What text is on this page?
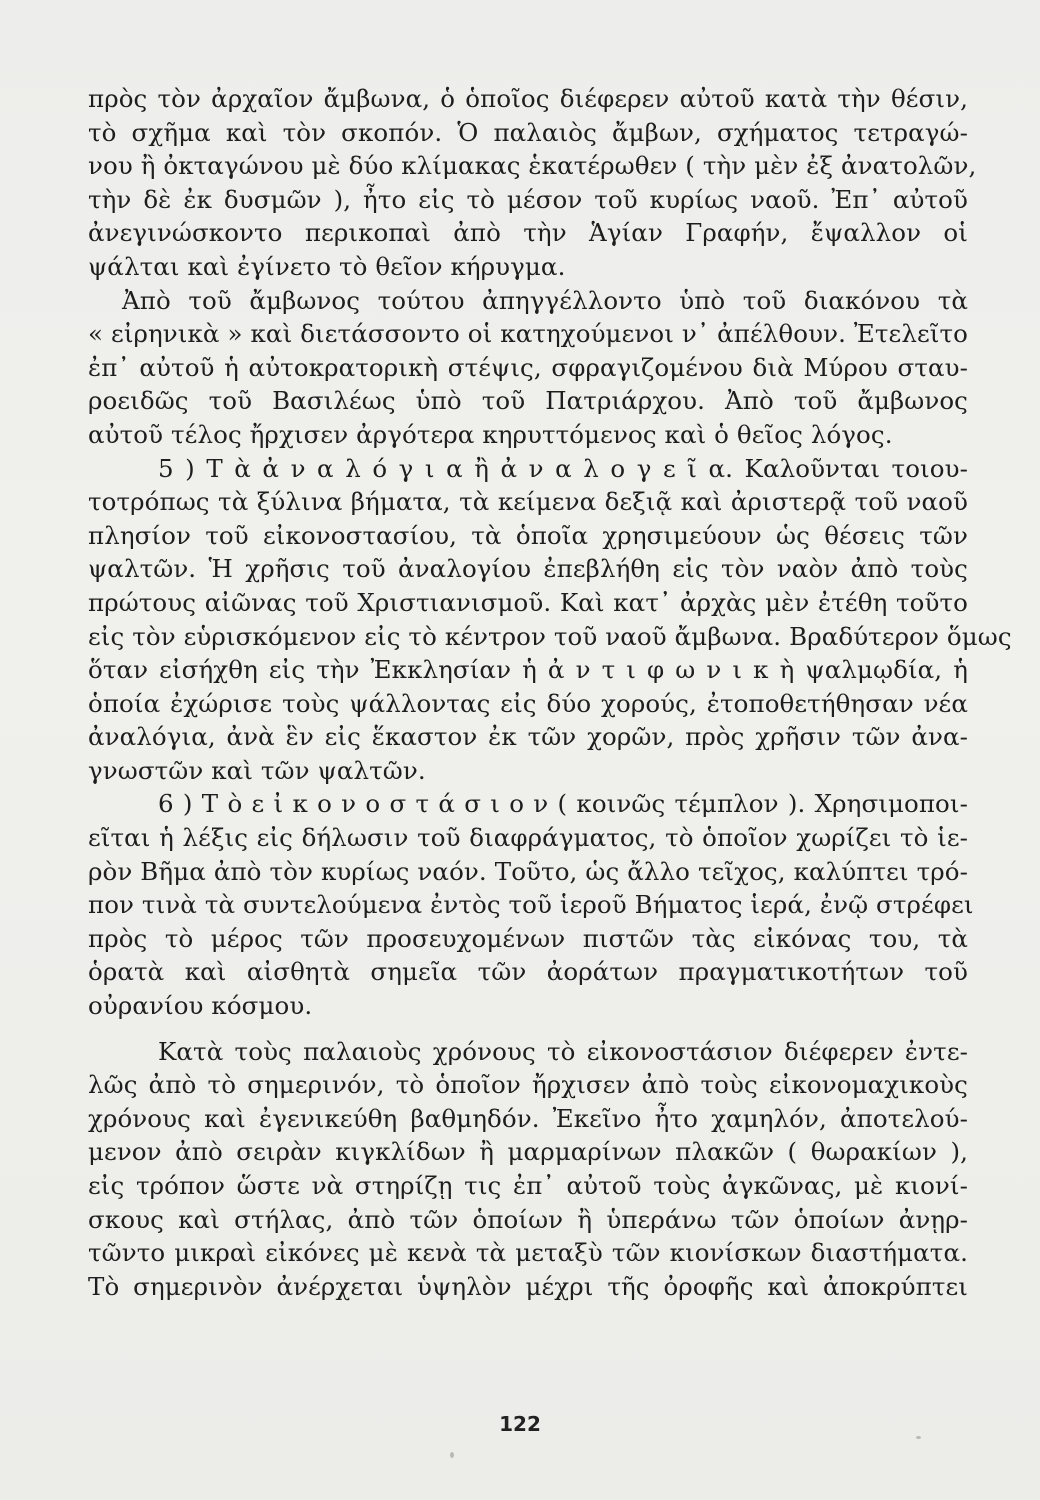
πρὸς τὸν ἀρχαῖον ἄμβωνα, ὁ ὁποῖος διέφερεν αὐτοῦ κατὰ τὴν θέσιν,
τὸ σχῆμα καὶ τὸν σκοπόν. Ὁ παλαιὸς ἄμβων, σχήματος τετραγώ-
νου ἢ ὀκταγώνου μὲ δύο κλίμακας ἑκατέρωθεν ( τὴν μὲν ἐξ ἀνατολῶν,
τὴν δὲ ἐκ δυσμῶν ), ἦτο εἰς τὸ μέσον τοῦ κυρίως ναοῦ. Ἐπ᾿ αὐτοῦ
ἀνεγινώσκοντο περικοπαὶ ἀπὸ τὴν Ἁγίαν Γραφήν, ἔψαλλον οἱ
ψάλται καὶ ἐγίνετο τὸ θεῖον κήρυγμα.
Ἀπὸ τοῦ ἄμβωνος τούτου ἀπηγγέλλοντο ὑπὸ τοῦ διακόνου τὰ
« εἰρηνικὰ » καὶ διετάσσοντο οἱ κατηχούμενοι ν᾿ ἀπέλθουν. Ἐτελεῖτο
ἐπ᾿ αὐτοῦ ἡ αὐτοκρατορικὴ στέψις, σφραγιζομένου διὰ Μύρου σταυ-
ροειδῶς τοῦ Βασιλέως ὑπὸ τοῦ Πατριάρχου. Ἀπὸ τοῦ ἄμβωνος
αὐτοῦ τέλος ἤρχισεν ἀργότερα κηρυττόμενος καὶ ὁ θεῖος λόγος.
5 ) Τ ὰ ἀ ν α λ ό γ ι α ἢ ἀ ν α λ ο γ ε ῖ α. Καλοῦνται τοιου-
τοτρόπως τὰ ξύλινα βήματα, τὰ κείμενα δεξιᾷ καὶ ἀριστερᾷ τοῦ ναοῦ
πλησίον τοῦ εἰκονοστασίου, τὰ ὁποῖα χρησιμεύουν ὡς θέσεις τῶν
ψαλτῶν. Ἡ χρῆσις τοῦ ἀναλογίου ἐπεβλήθη εἰς τὸν ναὸν ἀπὸ τοὺς
πρώτους αἰῶνας τοῦ Χριστιανισμοῦ. Καὶ κατ᾿ ἀρχὰς μὲν ἐτέθη τοῦτο
εἰς τὸν εὑρισκόμενον εἰς τὸ κέντρον τοῦ ναοῦ ἄμβωνα. Βραδύτερον ὅμως
ὅταν εἰσήχθη εἰς τὴν Ἐκκλησίαν ἡ ἀ ν τ ι φ ω ν ι κ ὴ ψαλμῳδία, ἡ
ὁποία ἐχώρισε τοὺς ψάλλοντας εἰς δύο χορούς, ἐτοποθετήθησαν νέα
ἀναλόγια, ἀνὰ ἓν εἰς ἕκαστον ἐκ τῶν χορῶν, πρὸς χρῆσιν τῶν ἀνα-
γνωστῶν καὶ τῶν ψαλτῶν.
6 ) Τ ὸ ε ἰ κ ο ν ο σ τ ά σ ι ο ν ( κοινῶς τέμπλον ). Χρησιμοποι-
εῖται ἡ λέξις εἰς δήλωσιν τοῦ διαφράγματος, τὸ ὁποῖον χωρίζει τὸ ἱε-
ρὸν Βῆμα ἀπὸ τὸν κυρίως ναόν. Τοῦτο, ὡς ἄλλο τεῖχος, καλύπτει τρό-
πον τινὰ τὰ συντελούμενα ἐντὸς τοῦ ἱεροῦ Βήματος ἱερά, ἐνῷ στρέφει
πρὸς τὸ μέρος τῶν προσευχομένων πιστῶν τὰς εἰκόνας του, τὰ
ὁρατὰ καὶ αἰσθητὰ σημεῖα τῶν ἀοράτων πραγματικοτήτων τοῦ
οὐρανίου κόσμου.
Κατὰ τοὺς παλαιοὺς χρόνους τὸ εἰκονοστάσιον διέφερεν ἐντε-
λῶς ἀπὸ τὸ σημερινόν, τὸ ὁποῖον ἤρχισεν ἀπὸ τοὺς εἰκονομαχικοὺς
χρόνους καὶ ἐγενικεύθη βαθμηδόν. Ἐκεῖνο ἦτο χαμηλόν, ἀποτελού-
μενον ἀπὸ σειρὰν κιγκλίδων ἢ μαρμαρίνων πλακῶν ( θωρακίων ),
εἰς τρόπον ὥστε νὰ στηρίζῃ τις ἐπ᾿ αὐτοῦ τοὺς ἀγκῶνας, μὲ κιονί-
σκους καὶ στήλας, ἀπὸ τῶν ὁποίων ἢ ὑπεράνω τῶν ὁποίων ἀνῃρ-
τῶντο μικραὶ εἰκόνες μὲ κενὰ τὰ μεταξὺ τῶν κιονίσκων διαστήματα.
Τὸ σημερινὸν ἀνέρχεται ὑψηλὸν μέχρι τῆς ὀροφῆς καὶ ἀποκρύπτει
122
